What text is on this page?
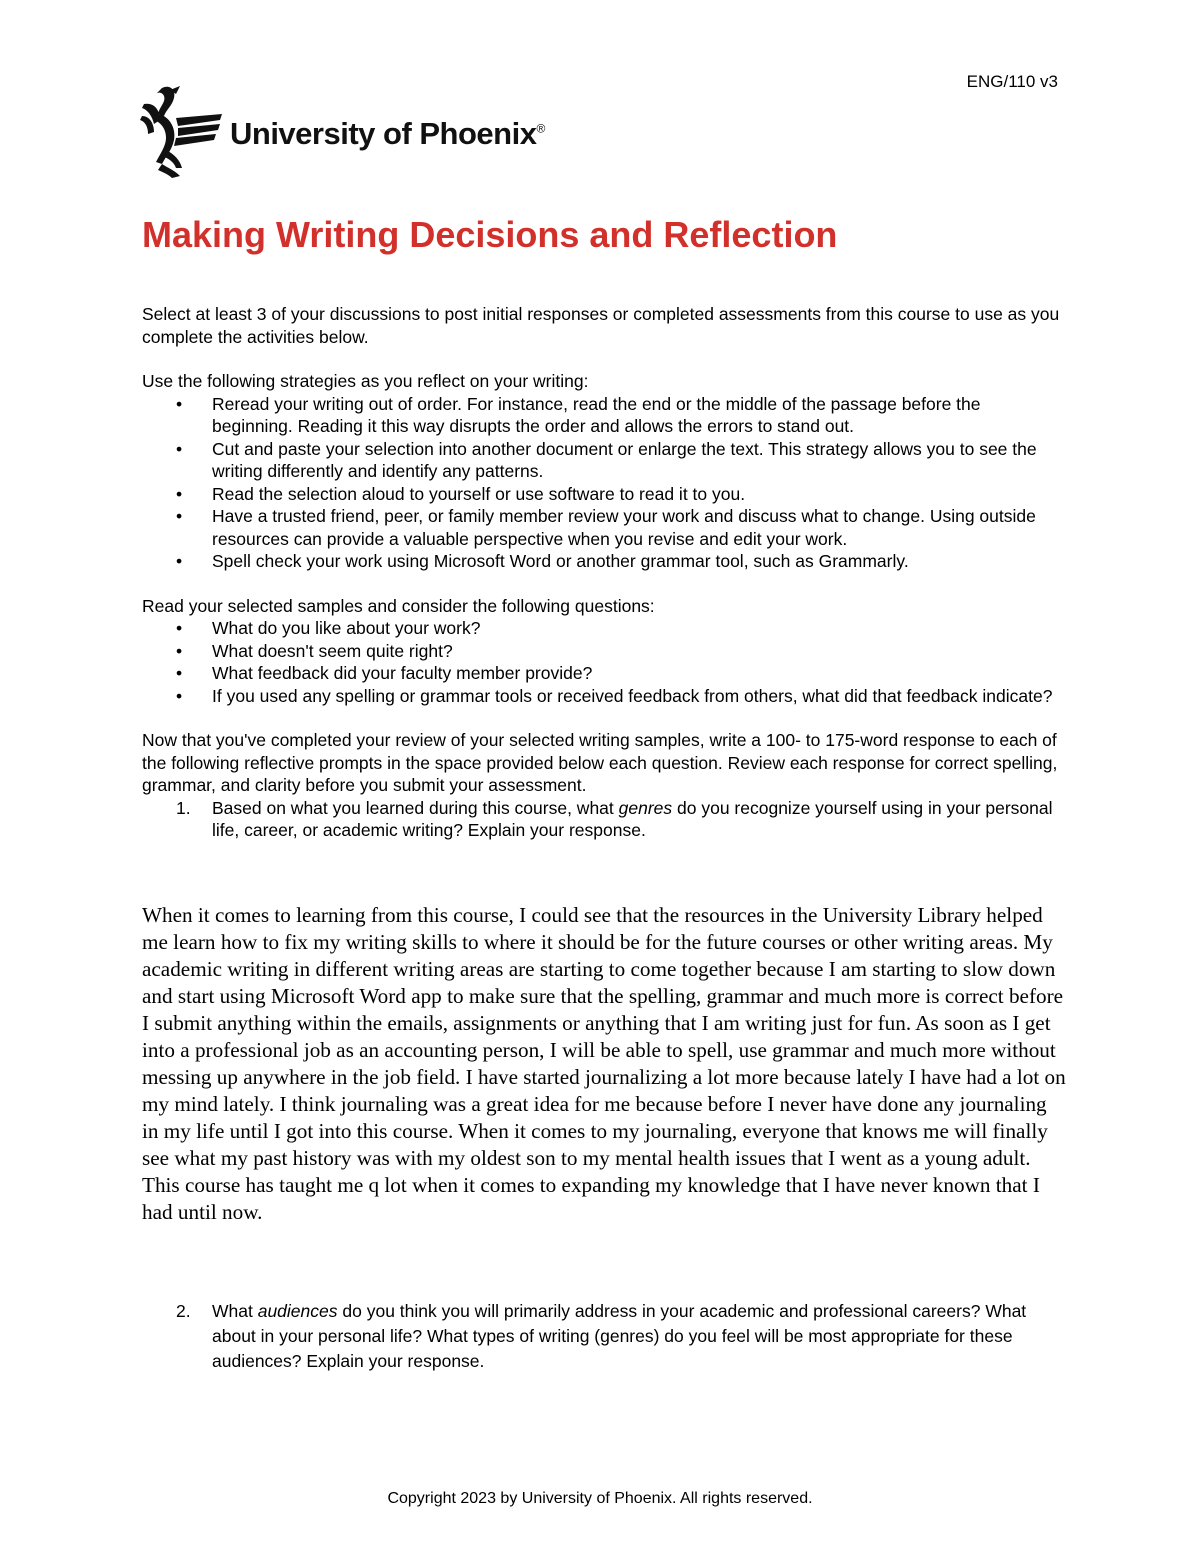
ENG/110 v3
University of Phoenix®
Making Writing Decisions and Reflection

Select at least 3 of your discussions to post initial responses or completed assessments from this course to use as you complete the activities below.

Use the following strategies as you reflect on your writing:

• Reread your writing out of order. For instance, read the end or the middle of the passage before the beginning. Reading it this way disrupts the order and allows the errors to stand out.
• Cut and paste your selection into another document or enlarge the text. This strategy allows you to see the writing differently and identify any patterns.
• Read the selection aloud to yourself or use software to read it to you.
• Have a trusted friend, peer, or family member review your work and discuss what to change. Using outside resources can provide a valuable perspective when you revise and edit your work.
• Spell check your work using Microsoft Word or another grammar tool, such as Grammarly.

Read your selected samples and consider the following questions:

• What do you like about your work?
• What doesn't seem quite right?
• What feedback did your faculty member provide?
• If you used any spelling or grammar tools or received feedback from others, what did that feedback indicate?

Now that you've completed your review of your selected writing samples, write a 100- to 175-word response to each of the following reflective prompts in the space provided below each question. Review each response for correct spelling, grammar, and clarity before you submit your assessment.

1. Based on what you learned during this course, what genres do you recognize yourself using in your personal life, career, or academic writing? Explain your response.

When it comes to learning from this course, I could see that the resources in the University Library helped me learn how to fix my writing skills to where it should be for the future courses or other writing areas. My academic writing in different writing areas are starting to come together because I am starting to slow down and start using Microsoft Word app to make sure that the spelling, grammar and much more is correct before I submit anything within the emails, assignments or anything that I am writing just for fun. As soon as I get into a professional job as an accounting person, I will be able to spell, use grammar and much more without messing up anywhere in the job field. I have started journalizing a lot more because lately I have had a lot on my mind lately. I think journaling was a great idea for me because before I never have done any journaling in my life until I got into this course. When it comes to my journaling, everyone that knows me will finally see what my past history was with my oldest son to my mental health issues that I went as a young adult. This course has taught me q lot when it comes to expanding my knowledge that I have never known that I had until now.

2. What audiences do you think you will primarily address in your academic and professional careers? What about in your personal life? What types of writing (genres) do you feel will be most appropriate for these audiences? Explain your response.
Copyright 2023 by University of Phoenix. All rights reserved.
